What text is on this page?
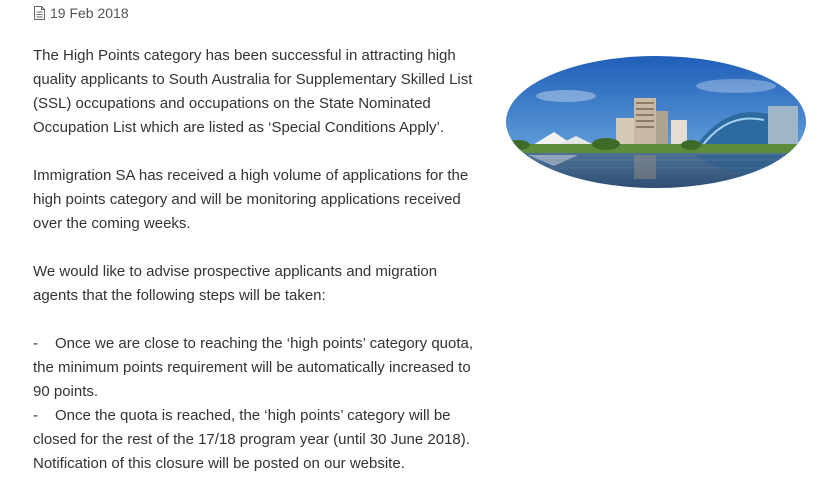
19 Feb 2018

The High Points category has been successful in attracting high quality applicants to South Australia for Supplementary Skilled List (SSL) occupations and occupations on the State Nominated Occupation List which are listed as ‘Special Conditions Apply’.

Immigration SA has received a high volume of applications for the high points category and will be monitoring applications received over the coming weeks.

We would like to advise prospective applicants and migration agents that the following steps will be taken:

- Once we are close to reaching the ‘high points’ category quota, the minimum points requirement will be automatically increased to 90 points.
- Once the quota is reached, the ‘high points’ category will be closed for the rest of the 17/18 program year (until 30 June 2018). Notification of this closure will be posted on our website.
